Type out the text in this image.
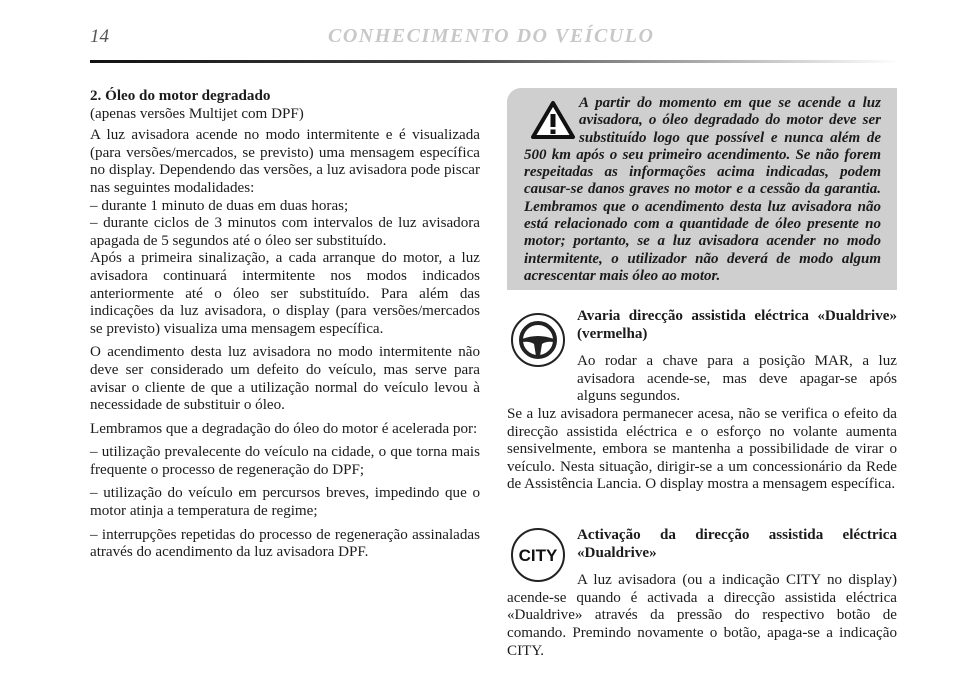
14	CONHECIMENTO DO VEÍCULO

2. Óleo do motor degradado

(apenas versões Multijet com DPF)

A luz avisadora acende no modo intermitente e é visualizada (para versões/mercados, se previsto) uma mensagem específica no display. Dependendo das versões, a luz avisadora pode piscar nas seguintes modalidades:
– durante 1 minuto de duas em duas horas;
– durante ciclos de 3 minutos com intervalos de luz avisadora apagada de 5 segundos até o óleo ser substituído.
Após a primeira sinalização, a cada arranque do motor, a luz avisadora continuará intermitente nos modos indicados anteriormente até o óleo ser substituído. Para além das indicações da luz avisadora, o display (para versões/mercados se previsto) visualiza uma mensagem específica.

O acendimento desta luz avisadora no modo intermitente não deve ser considerado um defeito do veículo, mas serve para avisar o cliente de que a utilização normal do veículo levou à necessidade de substituir o óleo.

Lembramos que a degradação do óleo do motor é acelerada por:

– utilização prevalecente do veículo na cidade, o que torna mais frequente o processo de regeneração do DPF;

– utilização do veículo em percursos breves, impedindo que o motor atinja a temperatura de regime;

– interrupções repetidas do processo de regeneração assinaladas através do acendimento da luz avisadora DPF.

A partir do momento em que se acende a luz avisadora, o óleo degradado do motor deve ser substituído logo que possível e nunca além de 500 km após o seu primeiro acendimento. Se não forem respeitadas as informações acima indicadas, podem causar-se danos graves no motor e a cessão da garantia. Lembramos que o acendimento desta luz avisadora não está relacionado com a quantidade de óleo presente no motor; portanto, se a luz avisadora acender no modo intermitente, o utilizador não deverá de modo algum acrescentar mais óleo ao motor.
Avaria direcção assistida eléctrica «Dualdrive» (vermelha)
Ao rodar a chave para a posição MAR, a luz avisadora acende-se, mas deve apagar-se após alguns segundos.
Se a luz avisadora permanecer acesa, não se verifica o efeito da direcção assistida eléctrica e o esforço no volante aumenta sensivelmente, embora se mantenha a possibilidade de virar o veículo. Nesta situação, dirigir-se a um concessionário da Rede de Assistência Lancia. O display mostra a mensagem específica.
CITY
Activação da direcção assistida eléctrica «Dualdrive»
A luz avisadora (ou a indicação CITY no display) acende-se quando é activada a direcção assistida eléctrica «Dualdrive» através da pressão do respectivo botão de comando. Premindo novamente o botão, apaga-se a indicação CITY.
